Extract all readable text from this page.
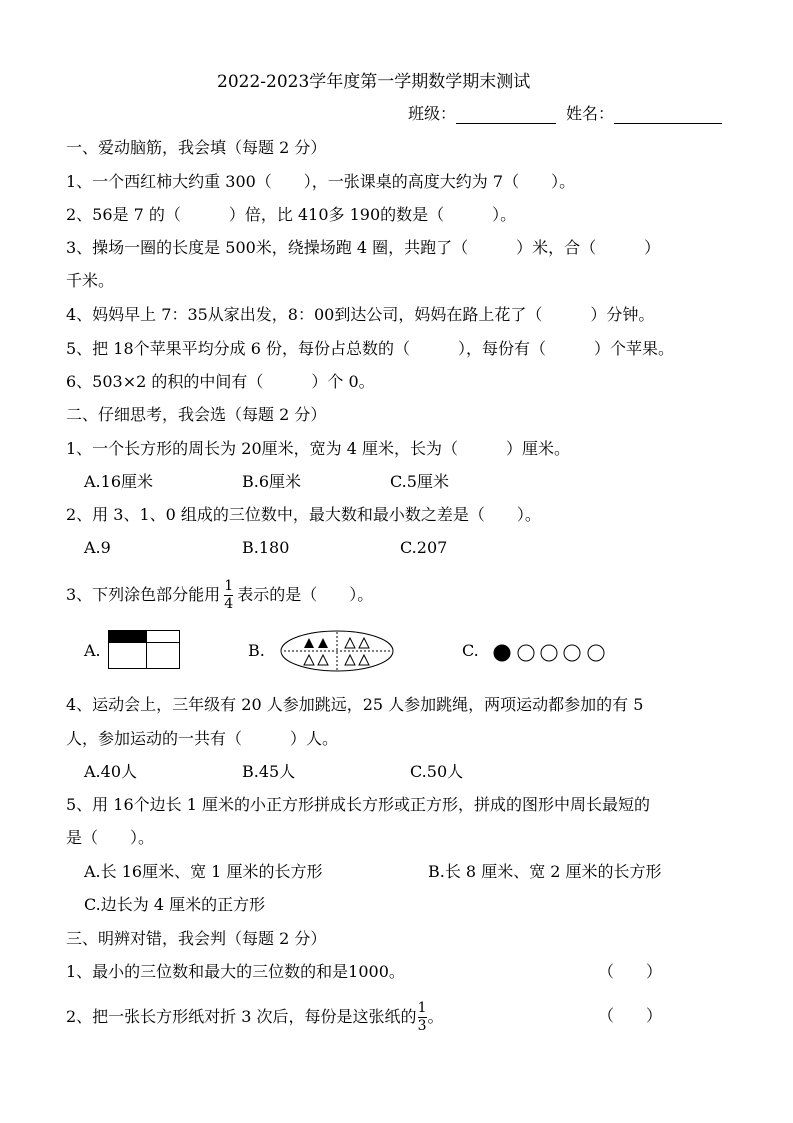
2022-2023学年度第一学期数学期末测试
班级：	姓名：
一、爱动脑筋，我会填（每题 2 分）
1、一个西红柿大约重 300（　　），一张课桌的高度大约为 7（　　）。
2、56是 7 的（　　　）倍，比 410多 190的数是（　　　）。
3、操场一圈的长度是 500米，绕操场跑 4 圈，共跑了（　　　）米，合（　　　）
千米。
4、妈妈早上 7：35从家出发，8：00到达公司，妈妈在路上花了（　　　）分钟。
5、把 18个苹果平均分成 6 份，每份占总数的（　　　），每份有（　　　）个苹果。
6、503×2 的积的中间有（　　　）个 0。
二、仔细思考，我会选（每题 2 分）
1、一个长方形的周长为 20厘米，宽为 4 厘米，长为（　　　）厘米。
A.16厘米	B.6厘米	C.5厘米
2、用 3、1、0 组成的三位数中，最大数和最小数之差是（　　）。
A.9	B.180	C.207
3、下列涂色部分能用 $\frac{1}{4}$ 表示的是（　　）。
A.	B.	C.
4、运动会上，三年级有 20 人参加跳远，25 人参加跳绳，两项运动都参加的有 5
人，参加运动的一共有（　　　）人。
A.40人	B.45人	C.50人
5、用 16个边长 1 厘米的小正方形拼成长方形或正方形，拼成的图形中周长最短的
是（　　）。
A.长 16厘米、宽 1 厘米的长方形	B.长 8 厘米、宽 2 厘米的长方形
C.边长为 4 厘米的正方形
三、明辨对错，我会判（每题 2 分）
1、最小的三位数和最大的三位数的和是1000。	（　　）
2、把一张长方形纸对折 3 次后，每份是这张纸的 $\frac{1}{3}$ 。	（　　）
